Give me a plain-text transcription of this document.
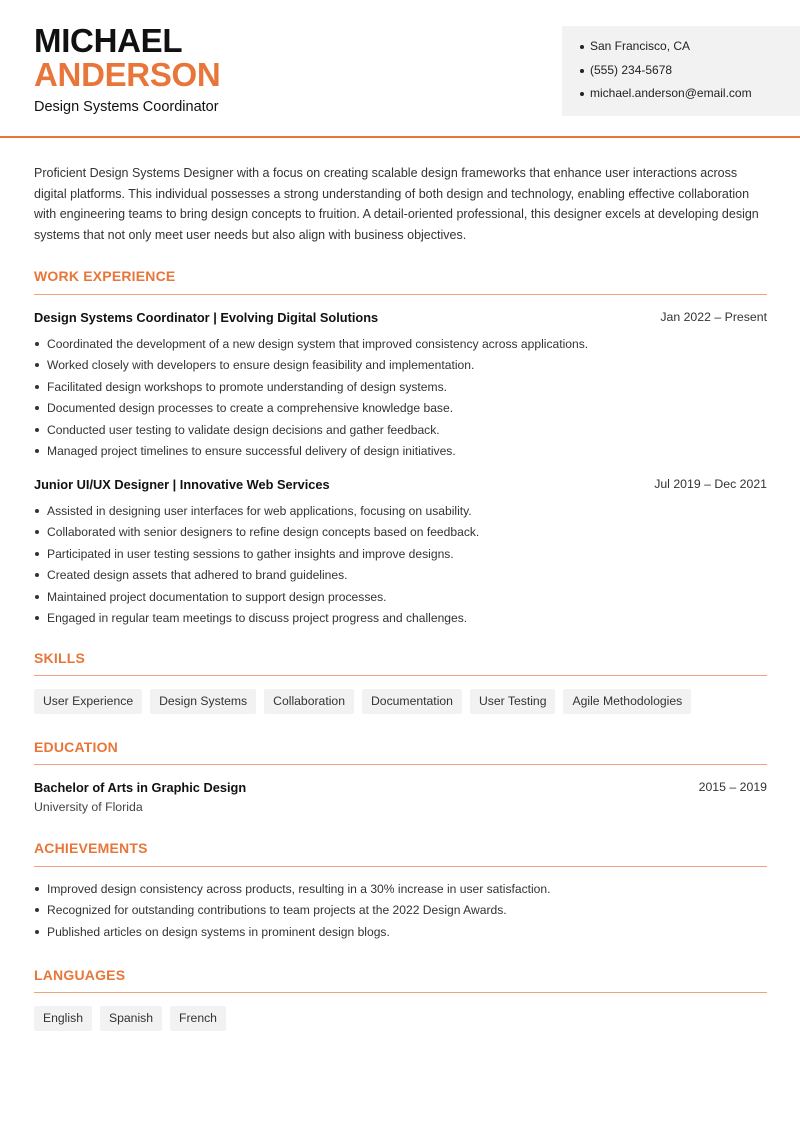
MICHAEL
ANDERSON
Design Systems Coordinator
San Francisco, CA
(555) 234-5678
michael.anderson@email.com

Proficient Design Systems Designer with a focus on creating scalable design frameworks that enhance user interactions across digital platforms. This individual possesses a strong understanding of both design and technology, enabling effective collaboration with engineering teams to bring design concepts to fruition. A detail-oriented professional, this designer excels at developing design systems that not only meet user needs but also align with business objectives.

WORK EXPERIENCE
Design Systems Coordinator | Evolving Digital Solutions	Jan 2022 – Present
Coordinated the development of a new design system that improved consistency across applications.
Worked closely with developers to ensure design feasibility and implementation.
Facilitated design workshops to promote understanding of design systems.
Documented design processes to create a comprehensive knowledge base.
Conducted user testing to validate design decisions and gather feedback.
Managed project timelines to ensure successful delivery of design initiatives.
Junior UI/UX Designer | Innovative Web Services	Jul 2019 – Dec 2021
Assisted in designing user interfaces for web applications, focusing on usability.
Collaborated with senior designers to refine design concepts based on feedback.
Participated in user testing sessions to gather insights and improve designs.
Created design assets that adhered to brand guidelines.
Maintained project documentation to support design processes.
Engaged in regular team meetings to discuss project progress and challenges.
SKILLS
User Experience	Design Systems	Collaboration	Documentation	User Testing	Agile Methodologies
EDUCATION
Bachelor of Arts in Graphic Design	2015 – 2019
University of Florida
ACHIEVEMENTS
Improved design consistency across products, resulting in a 30% increase in user satisfaction.
Recognized for outstanding contributions to team projects at the 2022 Design Awards.
Published articles on design systems in prominent design blogs.
LANGUAGES
English	Spanish	French
